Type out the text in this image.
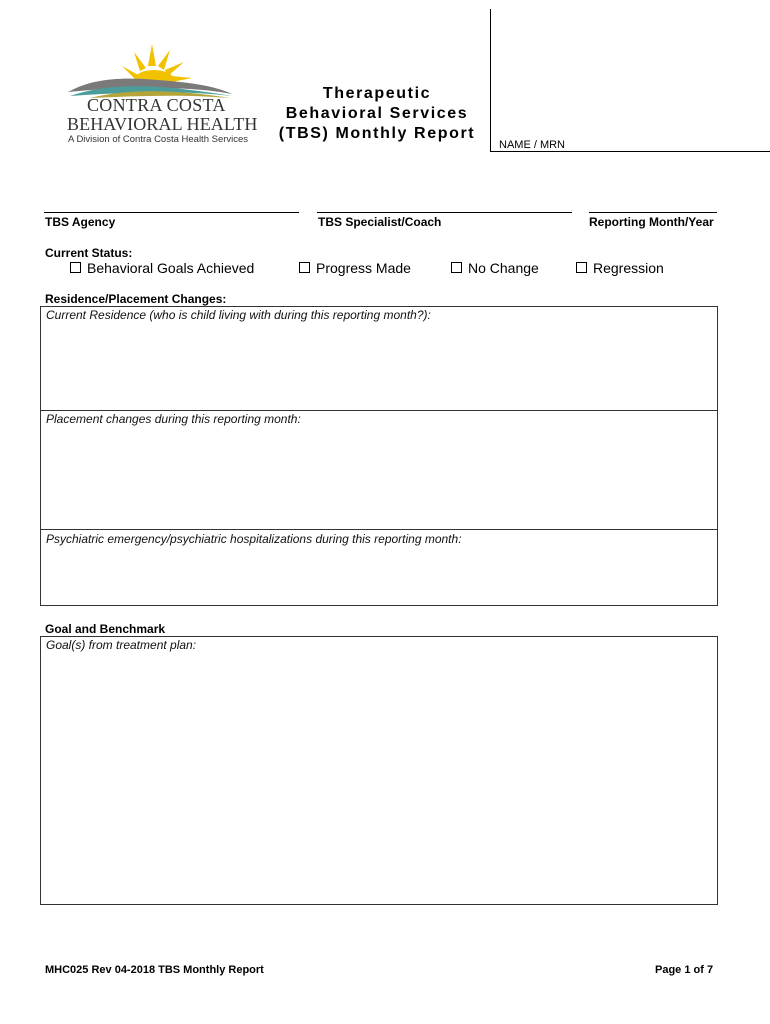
CONTRA COSTA
BEHAVIORAL HEALTH
A Division of Contra Costa Health Services
Therapeutic
Behavioral Services
(TBS) Monthly Report
NAME / MRN
TBS Agency	TBS Specialist/Coach	Reporting Month/Year
Current Status:
Behavioral Goals Achieved	Progress Made	No Change	Regression
Residence/Placement Changes:
Current Residence (who is child living with during this reporting month?):
Placement changes during this reporting month:
Psychiatric emergency/psychiatric hospitalizations during this reporting month:
Goal and Benchmark
Goal(s) from treatment plan:
MHC025 Rev 04-2018 TBS Monthly Report	Page 1 of 7
